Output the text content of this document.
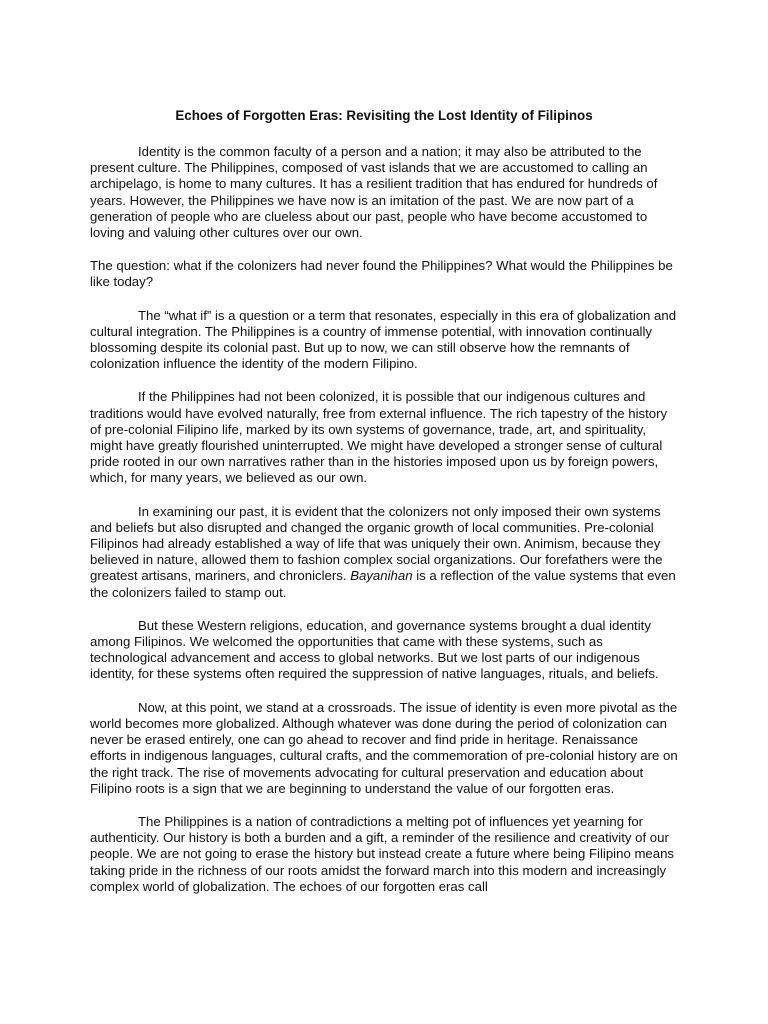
Echoes of Forgotten Eras: Revisiting the Lost Identity of Filipinos

Identity is the common faculty of a person and a nation; it may also be attributed to the present culture. The Philippines, composed of vast islands that we are accustomed to calling an archipelago, is home to many cultures. It has a resilient tradition that has endured for hundreds of years. However, the Philippines we have now is an imitation of the past. We are now part of a generation of people who are clueless about our past, people who have become accustomed to loving and valuing other cultures over our own.

The question: what if the colonizers had never found the Philippines? What would the Philippines be like today?

The “what if” is a question or a term that resonates, especially in this era of globalization and cultural integration. The Philippines is a country of immense potential, with innovation continually blossoming despite its colonial past. But up to now, we can still observe how the remnants of colonization influence the identity of the modern Filipino.

If the Philippines had not been colonized, it is possible that our indigenous cultures and traditions would have evolved naturally, free from external influence. The rich tapestry of the history of pre-colonial Filipino life, marked by its own systems of governance, trade, art, and spirituality, might have greatly flourished uninterrupted. We might have developed a stronger sense of cultural pride rooted in our own narratives rather than in the histories imposed upon us by foreign powers, which, for many years, we believed as our own.

In examining our past, it is evident that the colonizers not only imposed their own systems and beliefs but also disrupted and changed the organic growth of local communities. Pre-colonial Filipinos had already established a way of life that was uniquely their own. Animism, because they believed in nature, allowed them to fashion complex social organizations. Our forefathers were the greatest artisans, mariners, and chroniclers. Bayanihan is a reflection of the value systems that even the colonizers failed to stamp out.

But these Western religions, education, and governance systems brought a dual identity among Filipinos. We welcomed the opportunities that came with these systems, such as technological advancement and access to global networks. But we lost parts of our indigenous identity, for these systems often required the suppression of native languages, rituals, and beliefs.

Now, at this point, we stand at a crossroads. The issue of identity is even more pivotal as the world becomes more globalized. Although whatever was done during the period of colonization can never be erased entirely, one can go ahead to recover and find pride in heritage. Renaissance efforts in indigenous languages, cultural crafts, and the commemoration of pre-colonial history are on the right track. The rise of movements advocating for cultural preservation and education about Filipino roots is a sign that we are beginning to understand the value of our forgotten eras.

The Philippines is a nation of contradictions a melting pot of influences yet yearning for authenticity. Our history is both a burden and a gift, a reminder of the resilience and creativity of our people. We are not going to erase the history but instead create a future where being Filipino means taking pride in the richness of our roots amidst the forward march into this modern and increasingly complex world of globalization. The echoes of our forgotten eras call
